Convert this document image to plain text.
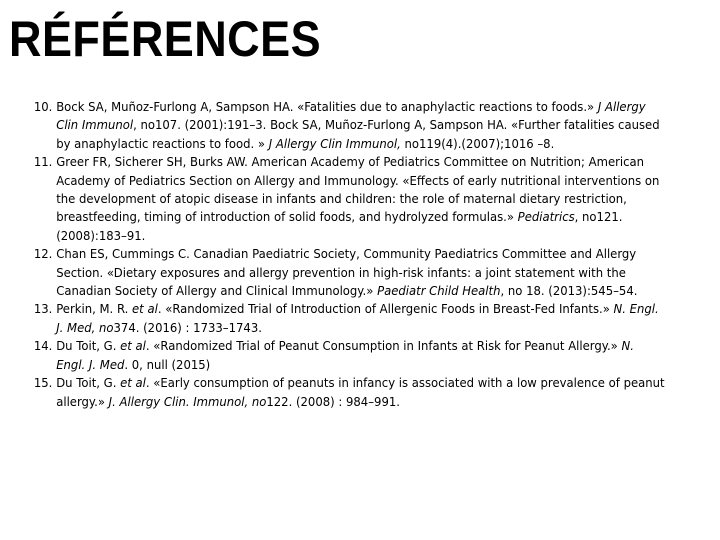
RÉFÉRENCES
10. Bock SA, Muñoz-Furlong A, Sampson HA. «Fatalities due to anaphylactic reactions to foods.» J Allergy Clin Immunol, no107. (2001):191–3. Bock SA, Muñoz-Furlong A, Sampson HA. «Further fatalities caused by anaphylactic reactions to food. » J Allergy Clin Immunol, no119(4).(2007);1016 –8.
11. Greer FR, Sicherer SH, Burks AW. American Academy of Pediatrics Committee on Nutrition; American Academy of Pediatrics Section on Allergy and Immunology. «Effects of early nutritional interventions on the development of atopic disease in infants and children: the role of maternal dietary restriction, breastfeeding, timing of introduction of solid foods, and hydrolyzed formulas.» Pediatrics, no121. (2008):183–91.
12. Chan ES, Cummings C. Canadian Paediatric Society, Community Paediatrics Committee and Allergy Section. «Dietary exposures and allergy prevention in high-risk infants: a joint statement with the Canadian Society of Allergy and Clinical Immunology.» Paediatr Child Health, no 18. (2013):545–54.
13. Perkin, M. R. et al. «Randomized Trial of Introduction of Allergenic Foods in Breast-Fed Infants.» N. Engl. J. Med, no374. (2016) : 1733–1743.
14. Du Toit, G. et al. «Randomized Trial of Peanut Consumption in Infants at Risk for Peanut Allergy.» N. Engl. J. Med. 0, null (2015)
15. Du Toit, G. et al. «Early consumption of peanuts in infancy is associated with a low prevalence of peanut allergy.» J. Allergy Clin. Immunol, no122. (2008) : 984–991.
